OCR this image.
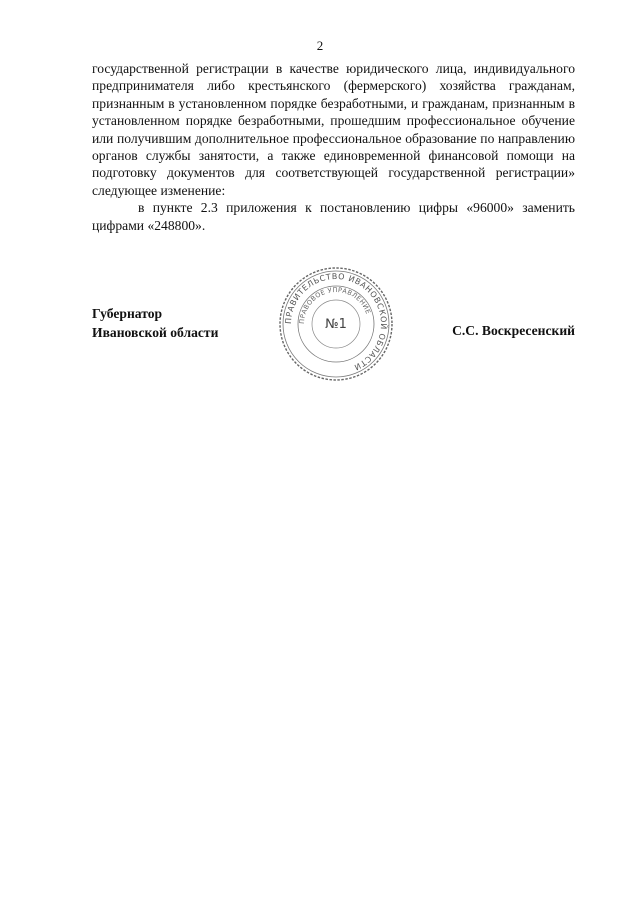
2

государственной регистрации в качестве юридического лица, индивидуального предпринимателя либо крестьянского (фермерского) хозяйства гражданам, признанным в установленном порядке безработными, и гражданам, признанным в установленном порядке безработными, прошедшим профессиональное обучение или получившим дополнительное профессиональное образование по направлению органов службы занятости, а также единовременной финансовой помощи на подготовку документов для соответствующей государственной регистрации» следующее изменение:

в пункте 2.3 приложения к постановлению цифры «96000» заменить цифрами «248800».

Губернатор
Ивановской области	С.С. Воскресенский
ПРАВИТЕЛЬСТВО ИВАНОВСКОЙ ОБЛАСТИ
ПРАВОВОЕ УПРАВЛЕНИЕ
№1
